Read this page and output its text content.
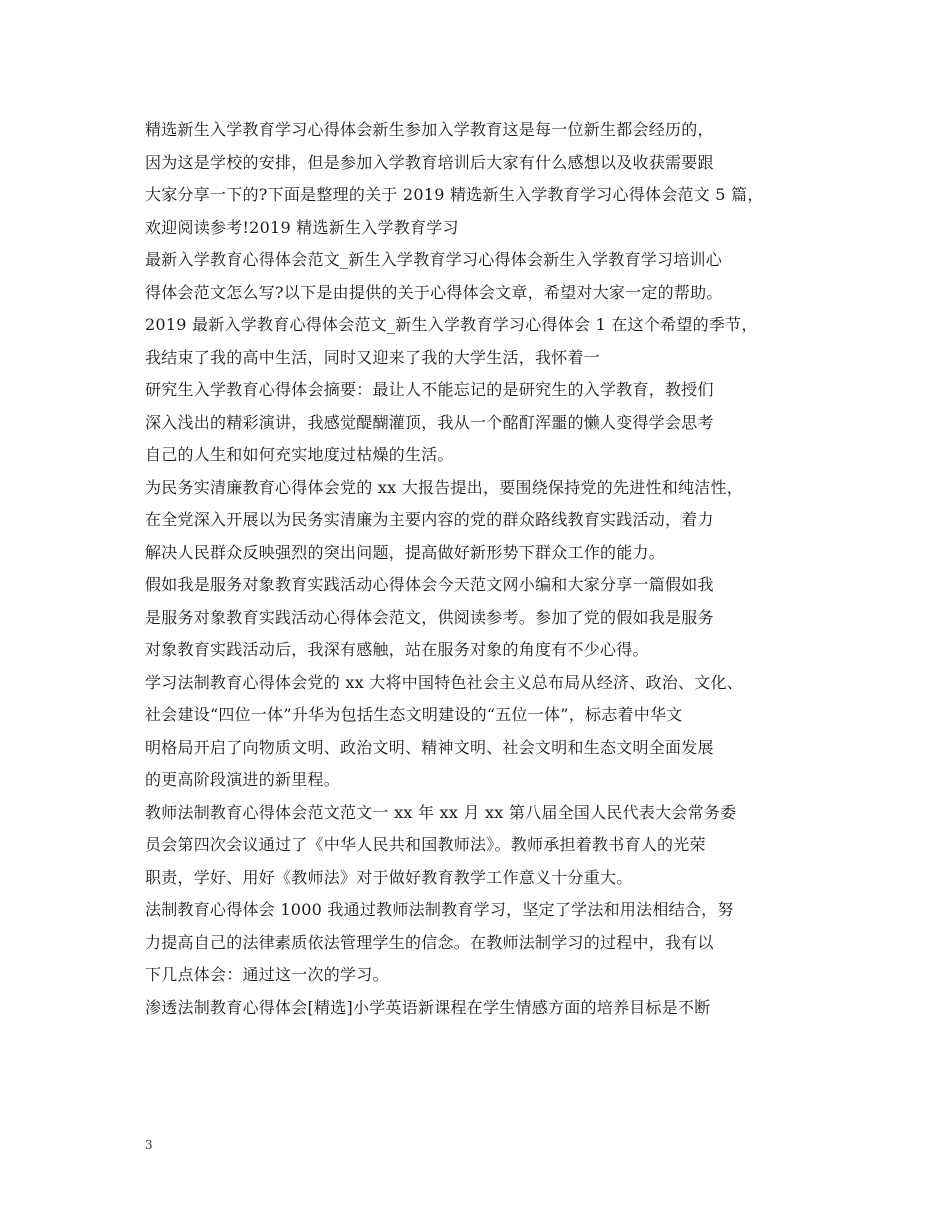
精选新生入学教育学习心得体会新生参加入学教育这是每一位新生都会经历的，
因为这是学校的安排，但是参加入学教育培训后大家有什么感想以及收获需要跟
大家分享一下的?下面是整理的关于 2019 精选新生入学教育学习心得体会范文 5 篇，
欢迎阅读参考!2019 精选新生入学教育学习

最新入学教育心得体会范文_新生入学教育学习心得体会新生入学教育学习培训心
得体会范文怎么写?以下是由提供的关于心得体会文章，希望对大家一定的帮助。
2019 最新入学教育心得体会范文_新生入学教育学习心得体会 1 在这个希望的季节，
我结束了我的高中生活，同时又迎来了我的大学生活，我怀着一

研究生入学教育心得体会摘要：最让人不能忘记的是研究生的入学教育，教授们
深入浅出的精彩演讲，我感觉醍醐灌顶，我从一个酩酊浑噩的懒人变得学会思考
自己的人生和如何充实地度过枯燥的生活。

为民务实清廉教育心得体会党的 xx 大报告提出，要围绕保持党的先进性和纯洁性，
在全党深入开展以为民务实清廉为主要内容的党的群众路线教育实践活动，着力
解决人民群众反映强烈的突出问题，提高做好新形势下群众工作的能力。

假如我是服务对象教育实践活动心得体会今天范文网小编和大家分享一篇假如我
是服务对象教育实践活动心得体会范文，供阅读参考。参加了党的假如我是服务
对象教育实践活动后，我深有感触，站在服务对象的角度有不少心得。

学习法制教育心得体会党的 xx 大将中国特色社会主义总布局从经济、政治、文化、
社会建设“四位一体”升华为包括生态文明建设的“五位一体”，标志着中华文
明格局开启了向物质文明、政治文明、精神文明、社会文明和生态文明全面发展
的更高阶段演进的新里程。

教师法制教育心得体会范文范文一 xx 年 xx 月 xx 第八届全国人民代表大会常务委
员会第四次会议通过了《中华人民共和国教师法》。教师承担着教书育人的光荣
职责，学好、用好《教师法》对于做好教育教学工作意义十分重大。

法制教育心得体会 1000 我通过教师法制教育学习，坚定了学法和用法相结合，努
力提高自己的法律素质依法管理学生的信念。在教师法制学习的过程中，我有以
下几点体会：通过这一次的学习。

渗透法制教育心得体会[精选]小学英语新课程在学生情感方面的培养目标是不断

3
